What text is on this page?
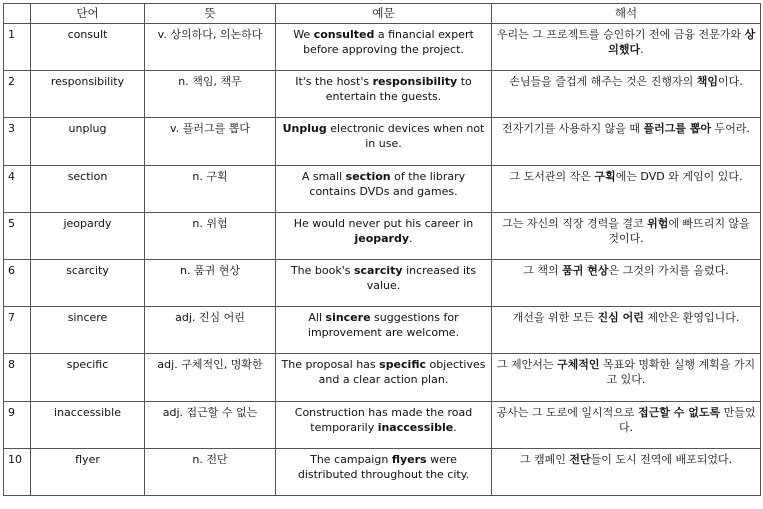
	단어	뜻	예문	해석
1	consult	v. 상의하다, 의논하다	We consulted a financial expert before approving the project.	우리는 그 프로젝트를 승인하기 전에 금융 전문가와 상의했다.
2	responsibility	n. 책임, 책무	It's the host's responsibility to entertain the guests.	손님들을 즐겁게 해주는 것은 진행자의 책임이다.
3	unplug	v. 플러그를 뽑다	Unplug electronic devices when not in use.	전자기기를 사용하지 않을 때 플러그를 뽑아 두어라.
4	section	n. 구획	A small section of the library contains DVDs and games.	그 도서관의 작은 구획에는 DVD 와 게임이 있다.
5	jeopardy	n. 위험	He would never put his career in jeopardy.	그는 자신의 직장 경력을 결코 위험에 빠뜨리지 않을 것이다.
6	scarcity	n. 품귀 현상	The book's scarcity increased its value.	그 책의 품귀 현상은 그것의 가치를 올렸다.
7	sincere	adj. 진심 어린	All sincere suggestions for improvement are welcome.	개선을 위한 모든 진심 어린 제안은 환영입니다.
8	specific	adj. 구체적인, 명확한	The proposal has specific objectives and a clear action plan.	그 제안서는 구체적인 목표와 명확한 실행 계획을 가지고 있다.
9	inaccessible	adj. 접근할 수 없는	Construction has made the road temporarily inaccessible.	공사는 그 도로에 일시적으로 접근할 수 없도록 만들었다.
10	flyer	n. 전단	The campaign flyers were distributed throughout the city.	그 캠페인 전단들이 도시 전역에 배포되었다.
